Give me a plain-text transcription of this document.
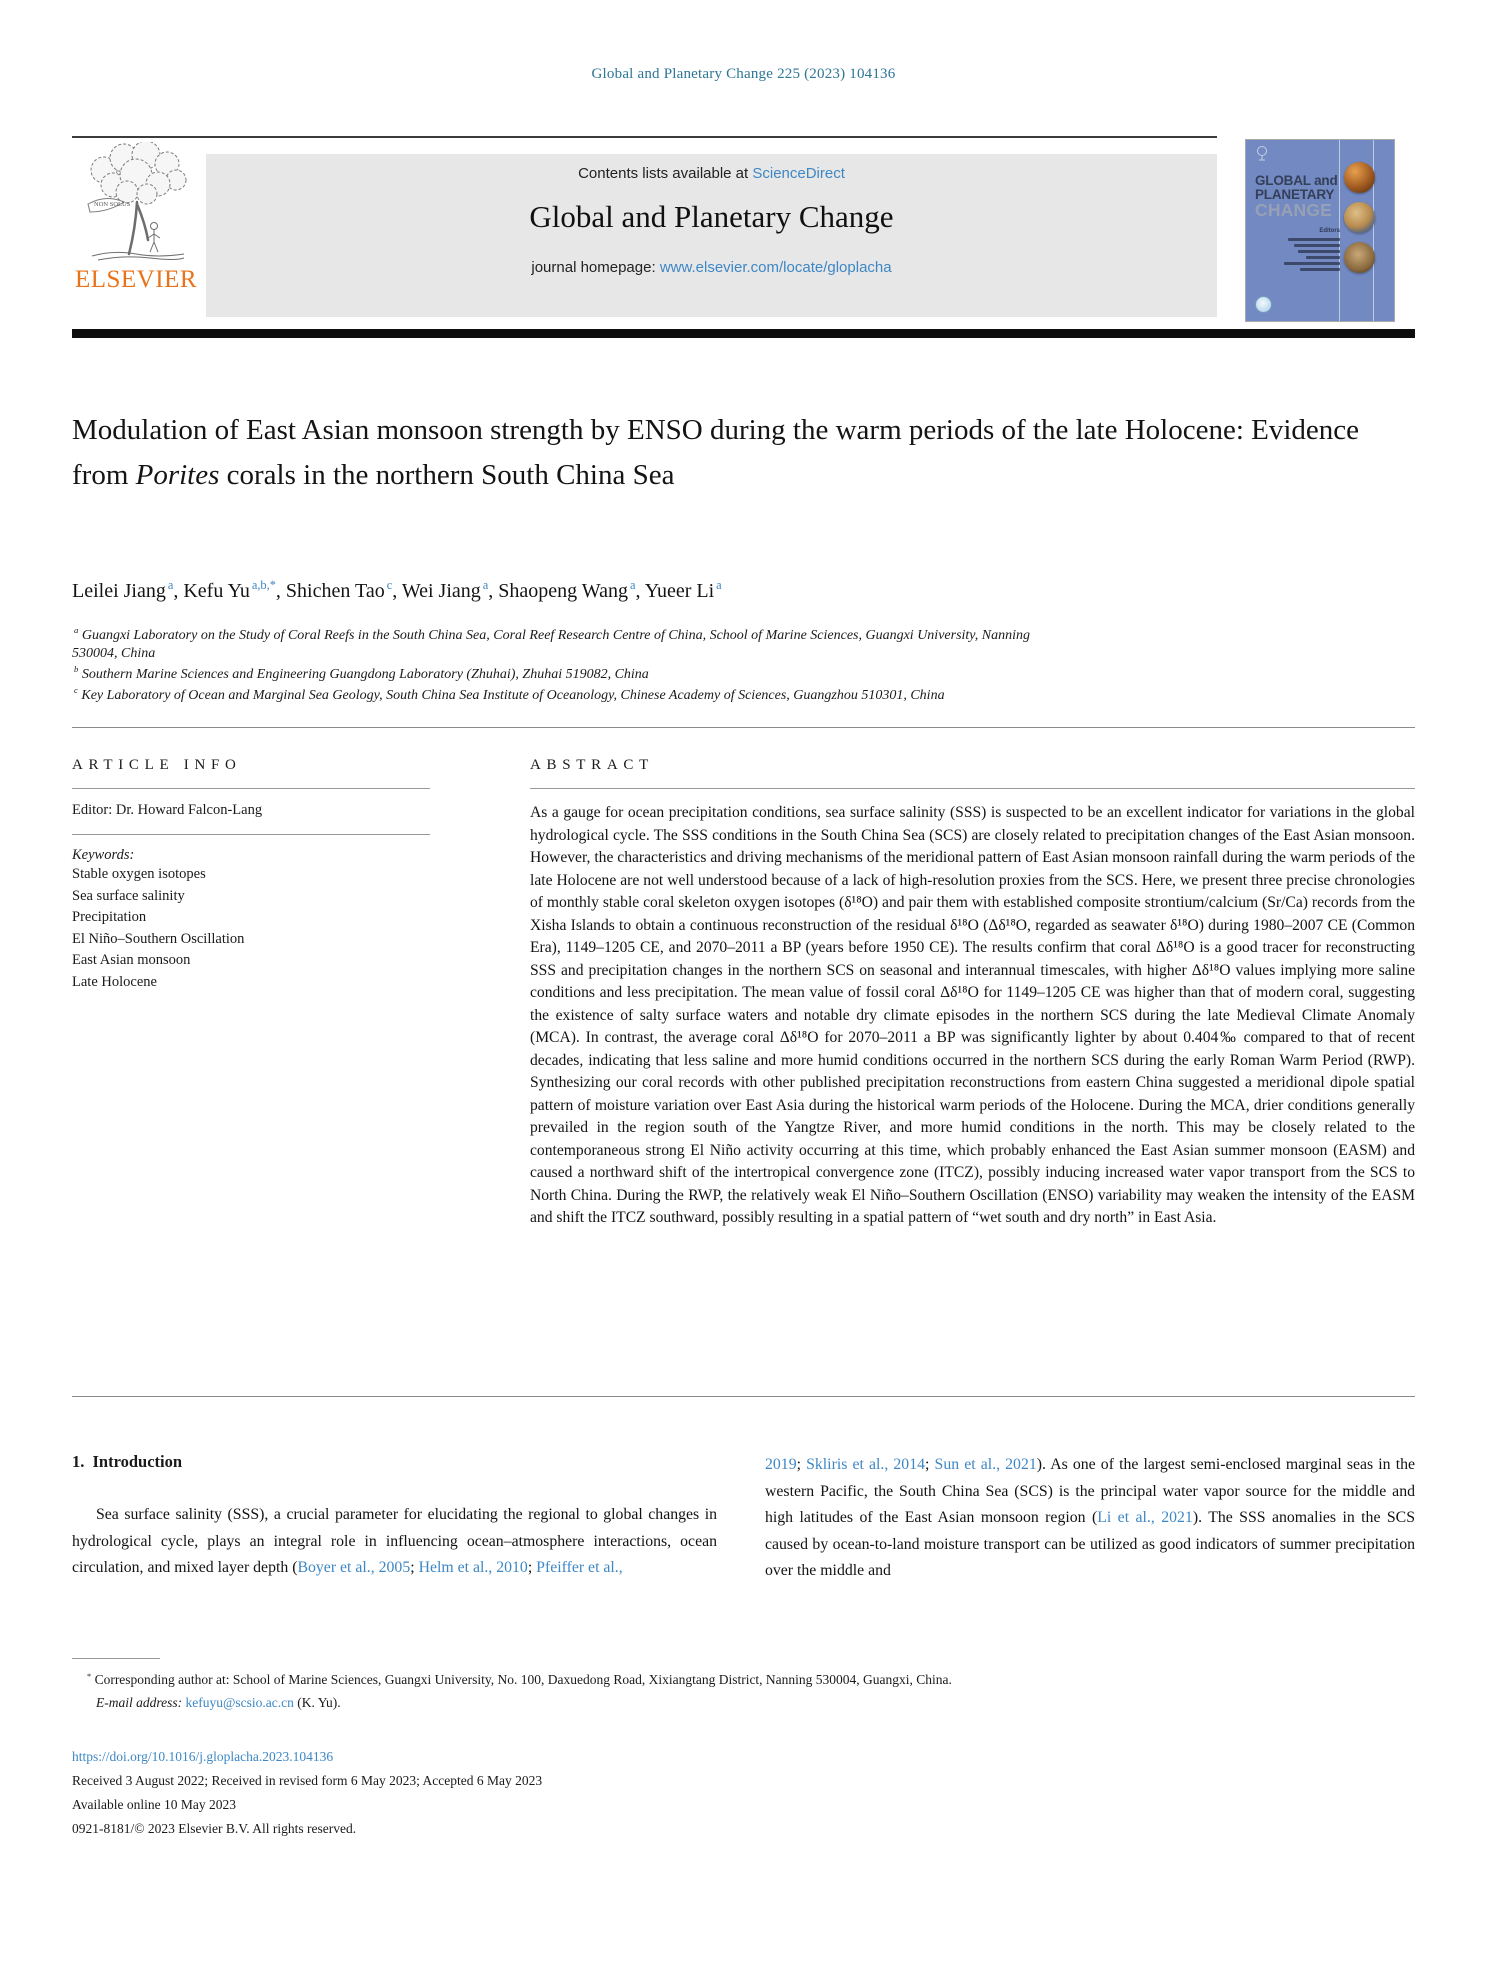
Global and Planetary Change 225 (2023) 104136
NON SOLUS
ELSEVIER
Contents lists available at ScienceDirect
Global and Planetary Change
journal homepage: www.elsevier.com/locate/gloplacha
GLOBAL and
PLANETARY
CHANGE
Editors
Modulation of East Asian monsoon strength by ENSO during the warm periods of the late Holocene: Evidence from Porites corals in the northern South China Sea
Leilei Jiang $^a$, Kefu Yu $^{a,b,*}$, Shichen Tao $^c$, Wei Jiang $^a$, Shaopeng Wang $^a$, Yueer Li $^a$

$^a$ Guangxi Laboratory on the Study of Coral Reefs in the South China Sea, Coral Reef Research Centre of China, School of Marine Sciences, Guangxi University, Nanning
530004, China

$^b$ Southern Marine Sciences and Engineering Guangdong Laboratory (Zhuhai), Zhuhai 519082, China

$^c$ Key Laboratory of Ocean and Marginal Sea Geology, South China Sea Institute of Oceanology, Chinese Academy of Sciences, Guangzhou 510301, China

ARTICLE INFO
Editor: Dr. Howard Falcon-Lang
Keywords:
Stable oxygen isotopes
Sea surface salinity
Precipitation
El Niño–Southern Oscillation
East Asian monsoon
Late Holocene
ABSTRACT

As a gauge for ocean precipitation conditions, sea surface salinity (SSS) is suspected to be an excellent indicator for variations in the global hydrological cycle. The SSS conditions in the South China Sea (SCS) are closely related to precipitation changes of the East Asian monsoon. However, the characteristics and driving mechanisms of the meridional pattern of East Asian monsoon rainfall during the warm periods of the late Holocene are not well understood because of a lack of high-resolution proxies from the SCS. Here, we present three precise chronologies of monthly stable coral skeleton oxygen isotopes (δ¹⁸O) and pair them with established composite strontium/calcium (Sr/Ca) records from the Xisha Islands to obtain a continuous reconstruction of the residual δ¹⁸O (Δδ¹⁸O, regarded as seawater δ¹⁸O) during 1980–2007 CE (Common Era), 1149–1205 CE, and 2070–2011 a BP (years before 1950 CE). The results confirm that coral Δδ¹⁸O is a good tracer for reconstructing SSS and precipitation changes in the northern SCS on seasonal and interannual timescales, with higher Δδ¹⁸O values implying more saline conditions and less precipitation. The mean value of fossil coral Δδ¹⁸O for 1149–1205 CE was higher than that of modern coral, suggesting the existence of salty surface waters and notable dry climate episodes in the northern SCS during the late Medieval Climate Anomaly (MCA). In contrast, the average coral Δδ¹⁸O for 2070–2011 a BP was significantly lighter by about 0.404‰ compared to that of recent decades, indicating that less saline and more humid conditions occurred in the northern SCS during the early Roman Warm Period (RWP). Synthesizing our coral records with other published precipitation reconstructions from eastern China suggested a meridional dipole spatial pattern of moisture variation over East Asia during the historical warm periods of the Holocene. During the MCA, drier conditions generally prevailed in the region south of the Yangtze River, and more humid conditions in the north. This may be closely related to the contemporaneous strong El Niño activity occurring at this time, which probably enhanced the East Asian summer monsoon (EASM) and caused a northward shift of the intertropical convergence zone (ITCZ), possibly inducing increased water vapor transport from the SCS to North China. During the RWP, the relatively weak El Niño–Southern Oscillation (ENSO) variability may weaken the intensity of the EASM and shift the ITCZ southward, possibly resulting in a spatial pattern of “wet south and dry north” in East Asia.

1. Introduction

Sea surface salinity (SSS), a crucial parameter for elucidating the regional to global changes in hydrological cycle, plays an integral role in influencing ocean–atmosphere interactions, ocean circulation, and mixed layer depth (Boyer et al., 2005; Helm et al., 2010; Pfeiffer et al.,

2019; Skliris et al., 2014; Sun et al., 2021). As one of the largest semi-enclosed marginal seas in the western Pacific, the South China Sea (SCS) is the principal water vapor source for the middle and high latitudes of the East Asian monsoon region (Li et al., 2021). The SSS anomalies in the SCS caused by ocean-to-land moisture transport can be utilized as good indicators of summer precipitation over the middle and

* Corresponding author at: School of Marine Sciences, Guangxi University, No. 100, Daxuedong Road, Xixiangtang District, Nanning 530004, Guangxi, China.
E-mail address: kefuyu@scsio.ac.cn (K. Yu).
https://doi.org/10.1016/j.gloplacha.2023.104136
Received 3 August 2022; Received in revised form 6 May 2023; Accepted 6 May 2023
Available online 10 May 2023
0921-8181/© 2023 Elsevier B.V. All rights reserved.
